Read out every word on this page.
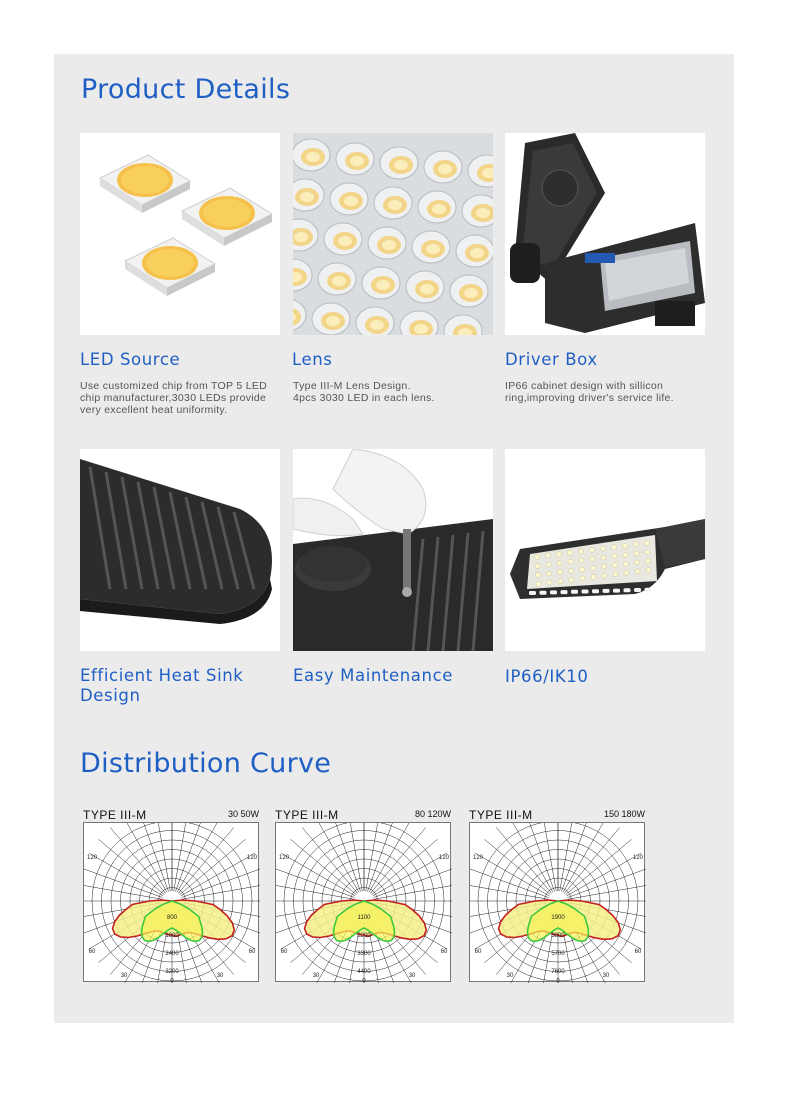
Product Details
LED Source
Use customized chip from TOP 5 LED
chip manufacturer,3030 LEDs provide
very excellent heat uniformity.
Lens
Type III-M Lens Design.
4pcs 3030 LED in each lens.
Driver Box
IP66 cabinet design with sillicon
ring,improving driver's service life.
Efficient Heat Sink Design
Easy Maintenance	IP66/IK10
Distribution Curve
TYPE III-M	30 50W
800
1600
2400
3200
120	120
60	60
30	30
0
TYPE III-M	80 120W
1100
2200
3300
4400
120	120
60	60
30	30
0
TYPE III-M	150 180W
1900
3800
5700
7600
120	120
60	60
30	30
0
